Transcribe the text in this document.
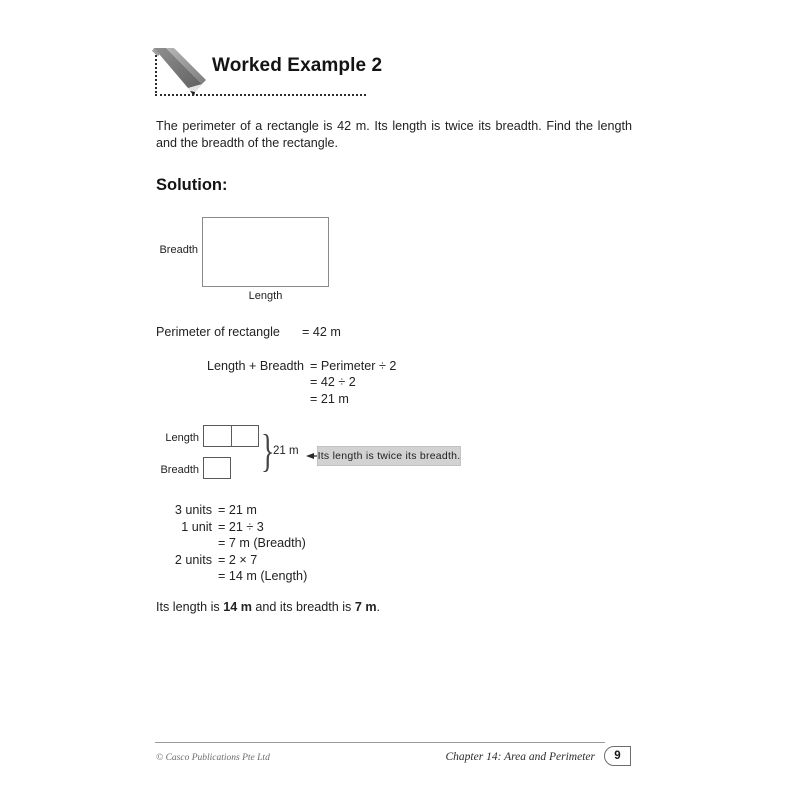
Worked Example 2
The perimeter of a rectangle is 42 m. Its length is twice its breadth. Find the length and the breadth of the rectangle.
Solution:
Breadth
Length
Perimeter of rectangle	= 42 m
Length + Breadth = Perimeter ÷ 2
= 42 ÷ 2
= 21 m
Length
Breadth }
21 m Its length is twice its breadth.
3 units = 21 m
1 unit = 21 ÷ 3
= 7 m (Breadth)
2 units = 2 × 7
= 14 m (Length)
Its length is 14 m and its breadth is 7 m.
© Casco Publications Pte Ltd	Chapter 14: Area and Perimeter 9
